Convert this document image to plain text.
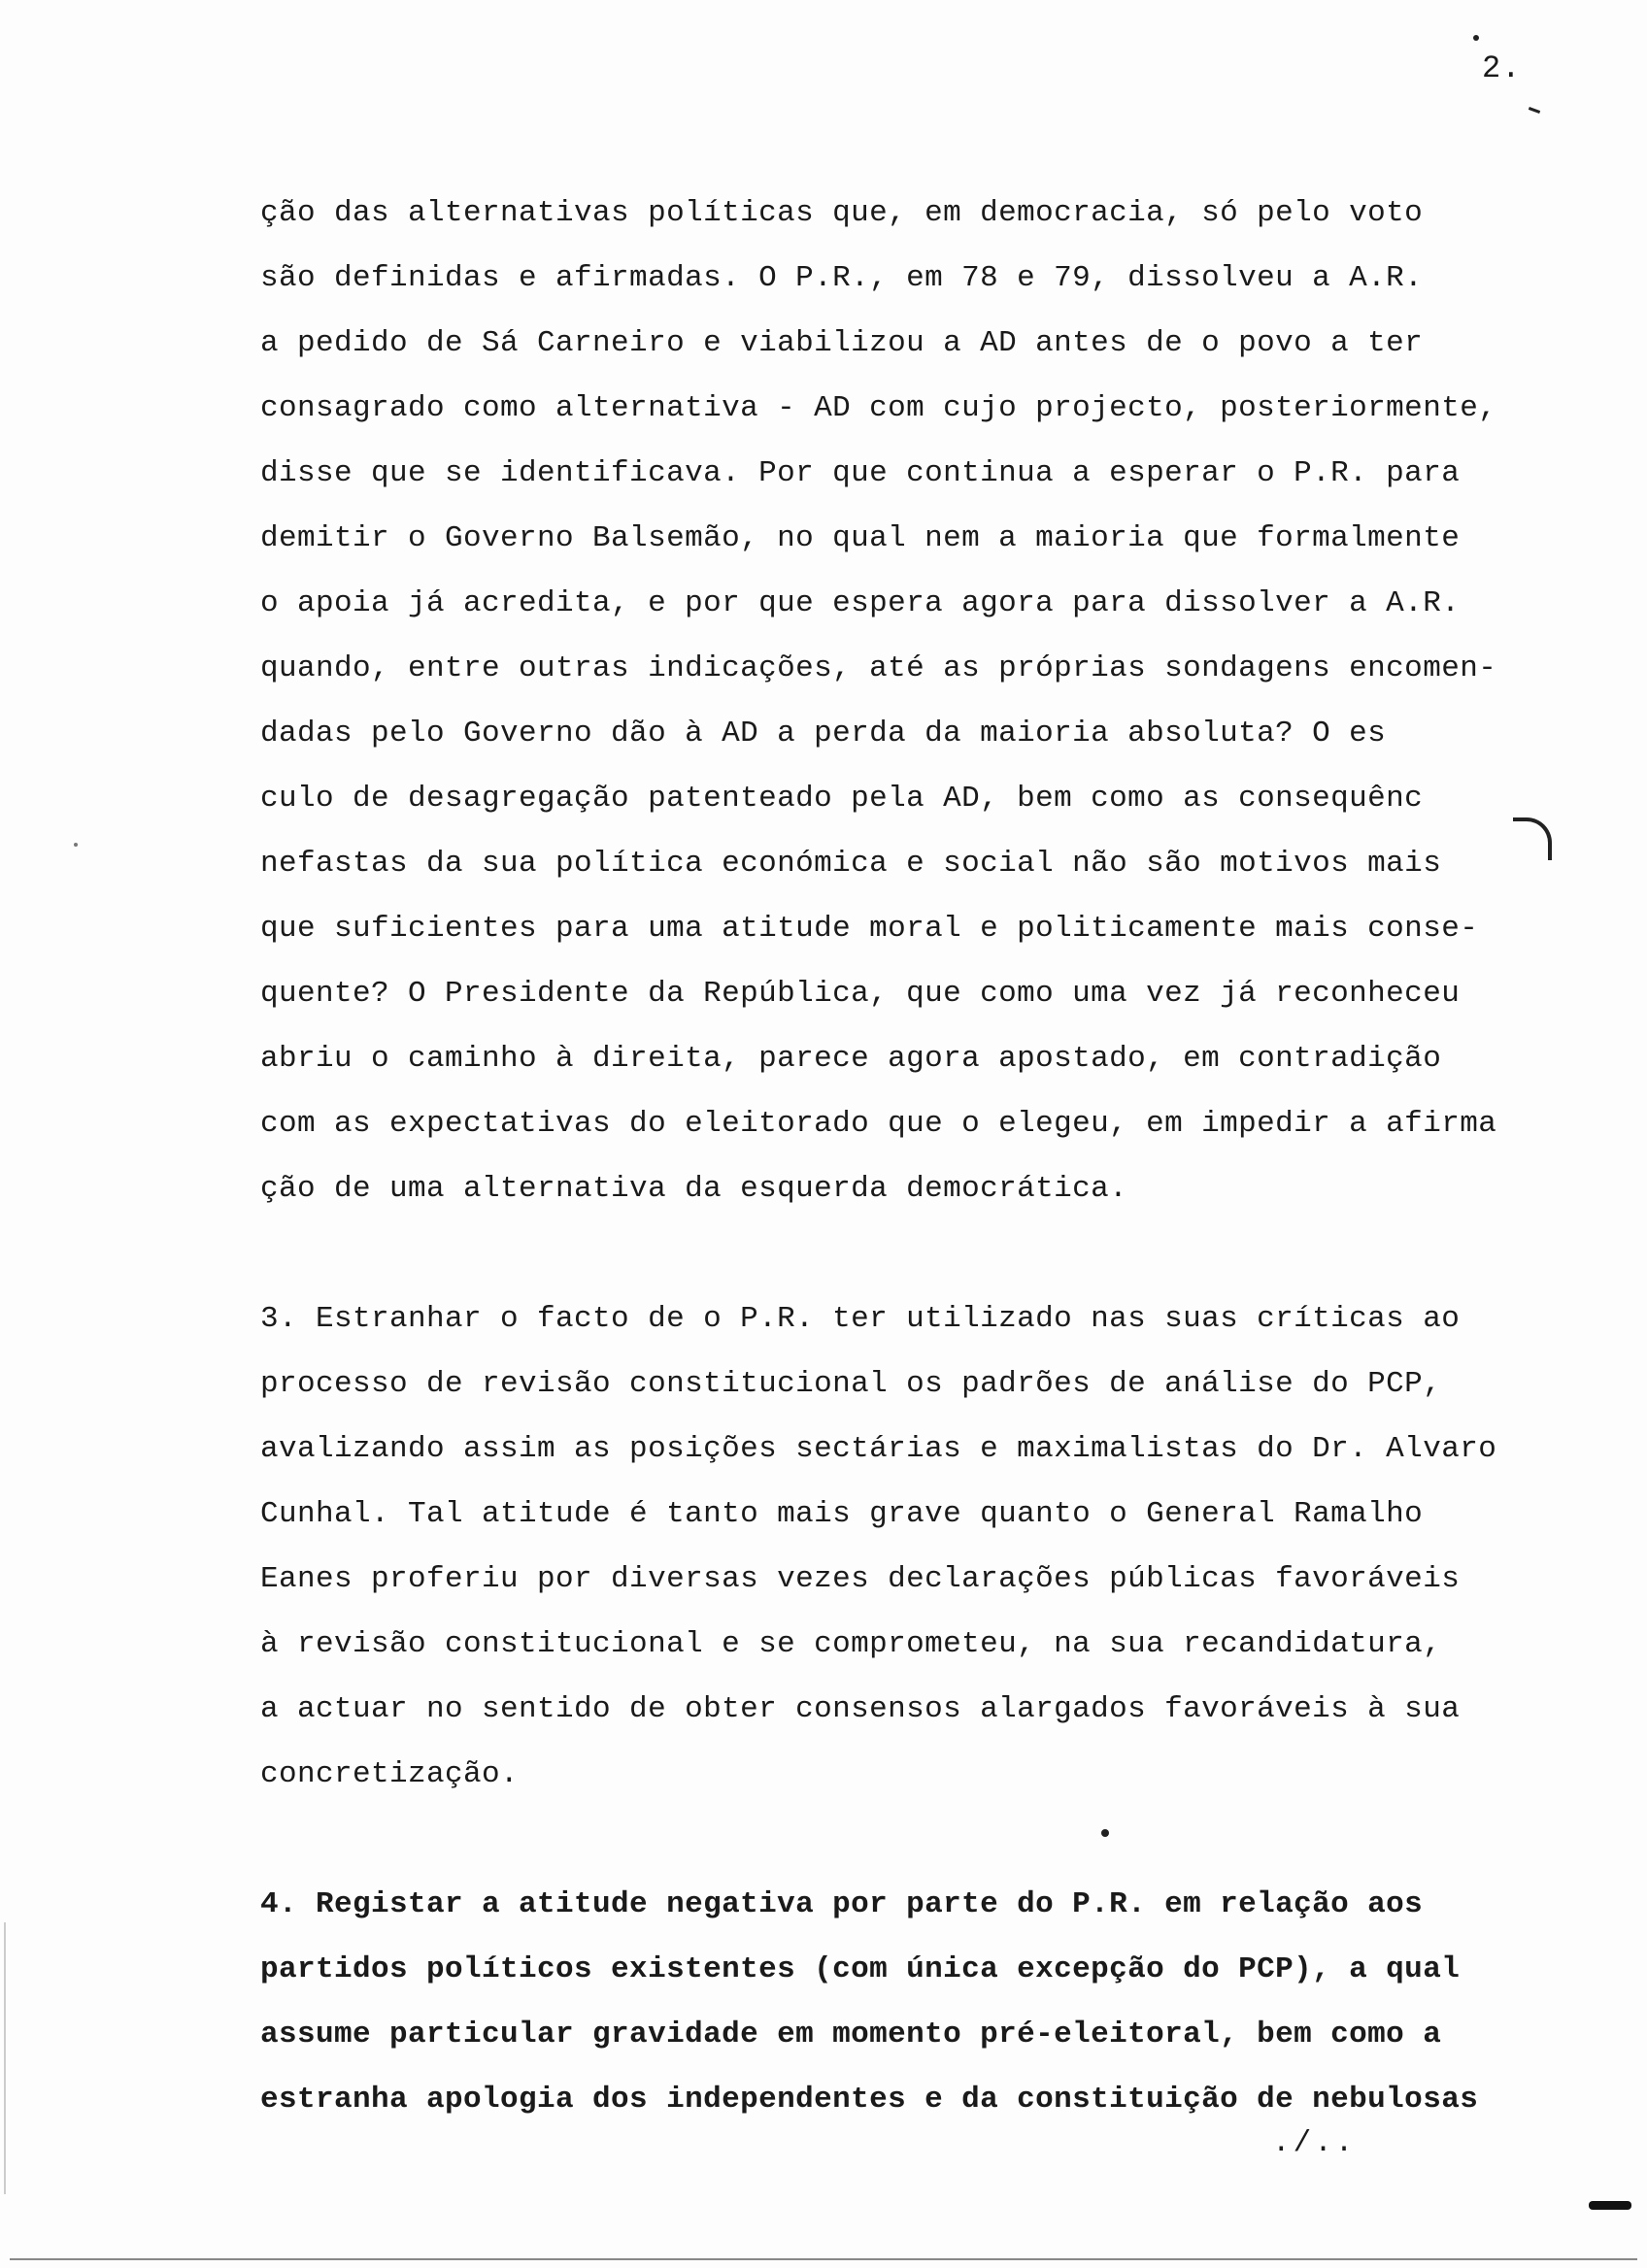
2.
ção das alternativas políticas que, em democracia, só pelo voto
são definidas e afirmadas. O P.R., em 78 e 79, dissolveu a A.R.
a pedido de Sá Carneiro e viabilizou a AD antes de o povo a ter
consagrado como alternativa - AD com cujo projecto, posteriormente,
disse que se identificava. Por que continua a esperar o P.R. para
demitir o Governo Balsemão, no qual nem a maioria que formalmente
o apoia já acredita, e por que espera agora para dissolver a A.R.
quando, entre outras indicações, até as próprias sondagens encomen-
dadas pelo Governo dão à AD a perda da maioria absoluta? O es
culo de desagregação patenteado pela AD, bem como as consequênc
nefastas da sua política económica e social não são motivos mais
que suficientes para uma atitude moral e politicamente mais conse-
quente? O Presidente da República, que como uma vez já reconheceu
abriu o caminho à direita, parece agora apostado, em contradição
com as expectativas do eleitorado que o elegeu, em impedir a afirma
ção de uma alternativa da esquerda democrática.
3. Estranhar o facto de o P.R. ter utilizado nas suas críticas ao
processo de revisão constitucional os padrões de análise do PCP,
avalizando assim as posições sectárias e maximalistas do Dr. Alvaro
Cunhal. Tal atitude é tanto mais grave quanto o General Ramalho
Eanes proferiu por diversas vezes declarações públicas favoráveis
à revisão constitucional e se comprometeu, na sua recandidatura,
a actuar no sentido de obter consensos alargados favoráveis à sua
concretização.
4. Registar a atitude negativa por parte do P.R. em relação aos
partidos políticos existentes (com única excepção do PCP), a qual
assume particular gravidade em momento pré-eleitoral, bem como a
estranha apologia dos independentes e da constituição de nebulosas
./..
